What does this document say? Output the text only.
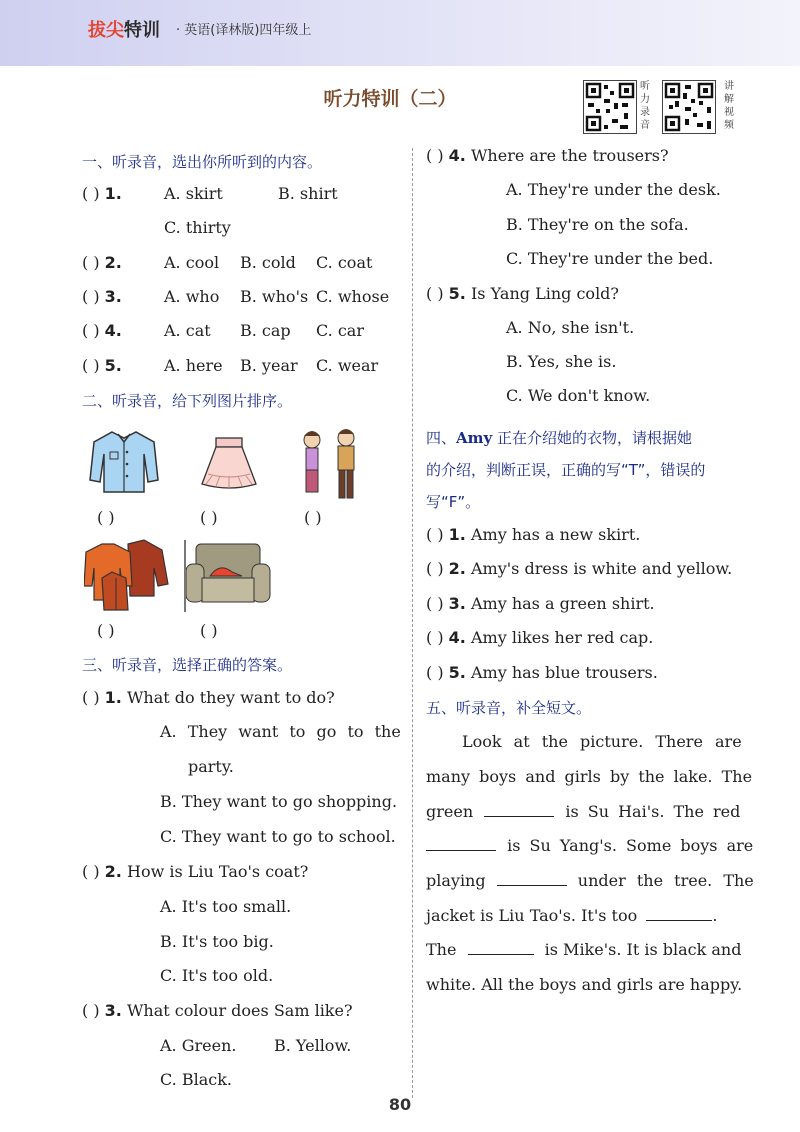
拔尖特训 · 英语(译林版)四年级上
听力特训（二）
听力录音
讲解视频
一、听录音，选出你所听到的内容。
( ) 1.	A. skirt	B. shirt
C. thirty
( ) 2.	A. cool B. cold C. coat
( ) 3.	A. who B. who's C. whose
( ) 4.	A. cat B. cap C. car
( ) 5.	A. here B. year C. wear
二、听录音，给下列图片排序。
( )	( )	( )
( )	( )
三、听录音，选择正确的答案。
( ) 1. What do they want to do?
A. They want to go to the
party.
B. They want to go shopping.
C. They want to go to school.
( ) 2. How is Liu Tao's coat?
A. It's too small.
B. It's too big.
C. It's too old.
( ) 3. What colour does Sam like?
A. Green. B. Yellow.
C. Black.
( ) 4. Where are the trousers?
A. They're under the desk.
B. They're on the sofa.
C. They're under the bed.
( ) 5. Is Yang Ling cold?
A. No, she isn't.
B. Yes, she is.
C. We don't know.
四、Amy 正在介绍她的衣物，请根据她
的介绍，判断正误，正确的写“T”，错误的
写“F”。
( ) 1. Amy has a new skirt.
( ) 2. Amy's dress is white and yellow.
( ) 3. Amy has a green shirt.
( ) 4. Amy likes her red cap.
( ) 5. Amy has blue trousers.
五、听录音，补全短文。
Look at the picture. There are
many boys and girls by the lake. The
green	is Su Hai's. The red
is Su Yang's. Some boys are
playing	under the tree. The
jacket is Liu Tao's. It's too	.
The	is Mike's. It is black and
white. All the boys and girls are happy.
80
